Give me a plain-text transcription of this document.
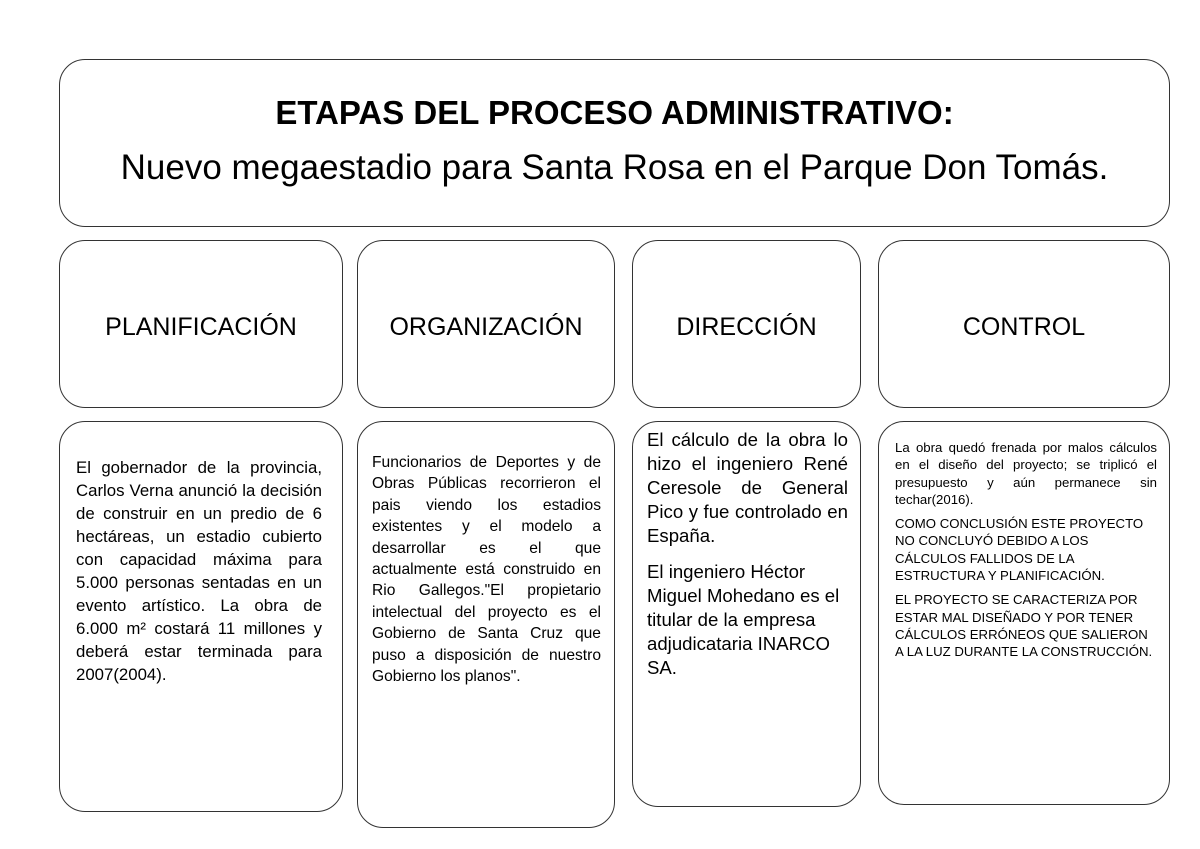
ETAPAS DEL PROCESO ADMINISTRATIVO:
Nuevo megaestadio para Santa Rosa en el Parque Don Tomás.
PLANIFICACIÓN	ORGANIZACIÓN	DIRECCIÓN	CONTROL

El gobernador de la provincia, Carlos Verna anunció la decisión de construir en un predio de 6 hectáreas, un estadio cubierto con capacidad máxima para 5.000 personas sentadas en un evento artístico. La obra de 6.000 m² costará 11 millones y deberá estar terminada para 2007(2004).

Funcionarios de Deportes y de Obras Públicas recorrieron el pais viendo los estadios existentes y el modelo a desarrollar es el que actualmente está construido en Rio Gallegos."El propietario intelectual del proyecto es el Gobierno de Santa Cruz que puso a disposición de nuestro Gobierno los planos".

El cálculo de la obra lo hizo el ingeniero René Ceresole de General Pico y fue controlado en España.

El ingeniero Héctor Miguel Mohedano es el titular de la empresa adjudicataria INARCO SA.

La obra quedó frenada por malos cálculos en el diseño del proyecto; se triplicó el presupuesto y aún permanece sin techar(2016).

COMO CONCLUSIÓN ESTE PROYECTO NO CONCLUYÓ DEBIDO A LOS CÁLCULOS FALLIDOS DE LA ESTRUCTURA Y PLANIFICACIÓN.

EL PROYECTO SE CARACTERIZA POR ESTAR MAL DISEÑADO Y POR TENER CÁLCULOS ERRÓNEOS QUE SALIERON A LA LUZ DURANTE LA CONSTRUCCIÓN.
